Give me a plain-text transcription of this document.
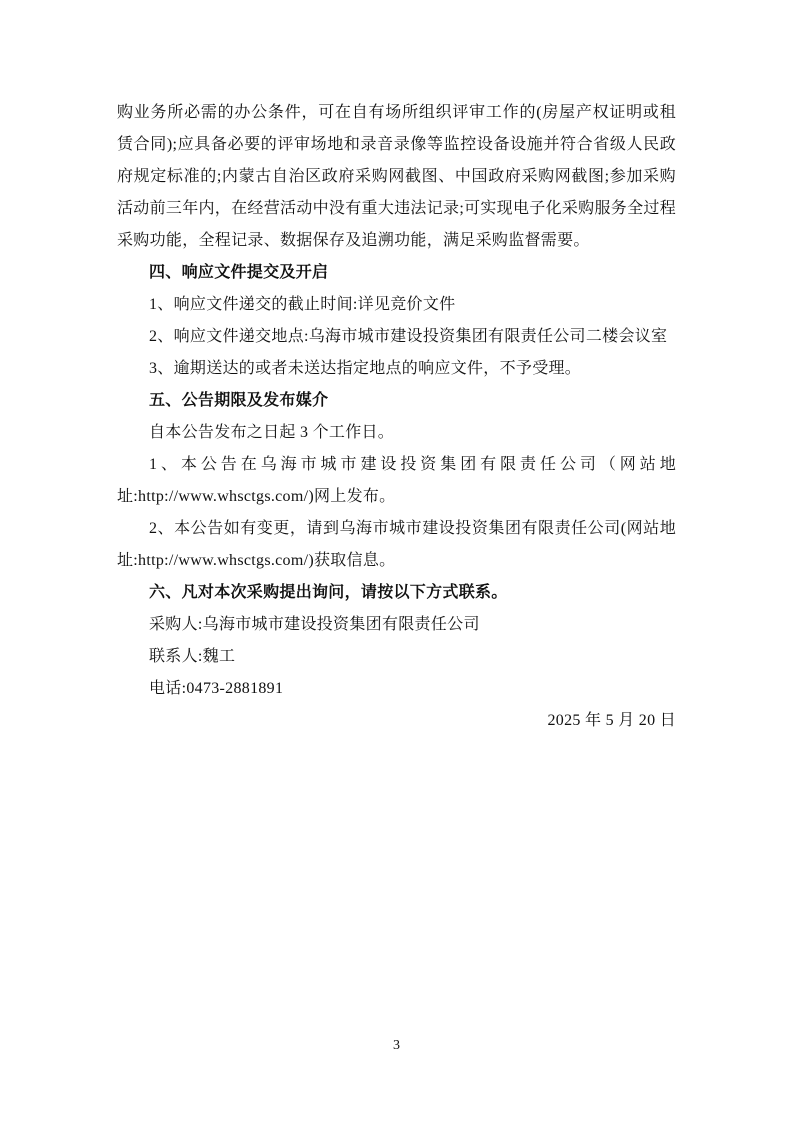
购业务所必需的办公条件，可在自有场所组织评审工作的(房屋产权证明或租赁合同);应具备必要的评审场地和录音录像等监控设备设施并符合省级人民政府规定标准的;内蒙古自治区政府采购网截图、中国政府采购网截图;参加采购活动前三年内，在经营活动中没有重大违法记录;可实现电子化采购服务全过程采购功能，全程记录、数据保存及追溯功能，满足采购监督需要。

四、响应文件提交及开启

1、响应文件递交的截止时间:详见竞价文件

2、响应文件递交地点:乌海市城市建设投资集团有限责任公司二楼会议室

3、逾期送达的或者未送达指定地点的响应文件，不予受理。

五、公告期限及发布媒介

自本公告发布之日起 3 个工作日。

1、本公告在乌海市城市建设投资集团有限责任公司（网站地址:http://www.whsctgs.com/)网上发布。

2、本公告如有变更，请到乌海市城市建设投资集团有限责任公司(网站地址:http://www.whsctgs.com/)获取信息。

六、凡对本次采购提出询问，请按以下方式联系。

采购人:乌海市城市建设投资集团有限责任公司

联系人:魏工

电话:0473-2881891

2025 年 5 月 20 日

3
